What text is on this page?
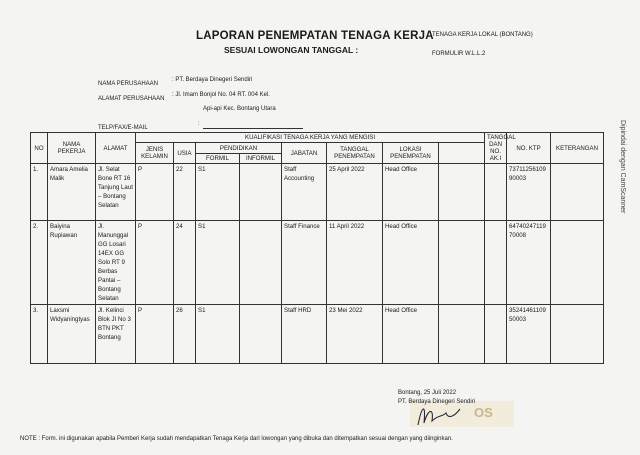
LAPORAN PENEMPATAN TENAGA KERJA
SESUAI LOWONGAN TANGGAL :
TENAGA KERJA LOKAL (BONTANG)
FORMULIR W.L.L.2
NAMA PERUSAHAAN
: PT. Berdaya Dinegeri Sendiri
ALAMAT PERUSAHAAN
: Jl. Imam Bonjol No. 04 RT. 004 Kel.
Api-api Kec. Bontang Utara
TELP/FAX/E-MAIL
:
NO	NAMA PEKERJA	ALAMAT	KUALIFIKASI TENAGA KERJA YANG MENGISI								TANGGAL DAN NO. AK.I	NO. KTP	KETERANGAN
			JENIS KELAMIN	USIA	PENDIDIKAN		JABATAN	TANGGAL PENEMPATAN	LOKASI PENEMPATAN				
					FORMIL	INFORMIL							
1.	Amara Amelia Malik	Jl. Selat Bone RT 16 Tanjung Laut – Bontang Selatan	P	22	S1		Staff Accounting	25 April 2022	Head Office			7371125610990003	
2.	Baiyina Rupiawan	Jl. Manunggal GG Losari 14EX GG Solo RT 9 Berbas Pantai – Bontang Selatan	P	24	S1		Staff Finance	11 April 2022	Head Office			6474024711970008	
3.	Laxsmi Widyaningtyas	Jl. Kelinci Blok JI No 3 BTN PKT Bontang	P	26	S1		Staff HRD	23 Mei 2022	Head Office			3524146110950003	
OS
Bontang, 25 Juli 2022
PT. Berdaya Dinegeri Sendiri
NOTE : Form. ini digunakan apabila Pemberi Kerja sudah mendapatkan Tenaga Kerja dari lowongan yang dibuka dan ditempatkan sesuai dengan yang diinginkan.
Dipindai dengan CamScanner
